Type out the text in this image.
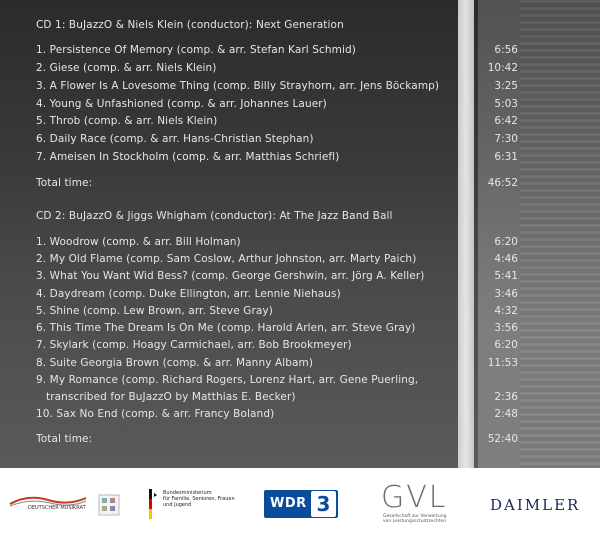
CD 1: BuJazzO & Niels Klein (conductor): Next Generation
1. Persistence Of Memory (comp. & arr. Stefan Karl Schmid)	6:56
2. Giese (comp. & arr. Niels Klein)	10:42
3. A Flower Is A Lovesome Thing (comp. Billy Strayhorn, arr. Jens Böckamp)	3:25
4. Young & Unfashioned (comp. & arr. Johannes Lauer)	5:03
5. Throb (comp. & arr. Niels Klein)	6:42
6. Daily Race (comp. & arr. Hans-Christian Stephan)	7:30
7. Ameisen In Stockholm (comp. & arr. Matthias Schriefl)	6:31
Total time:	46:52
CD 2: BuJazzO & Jiggs Whigham (conductor): At The Jazz Band Ball
1. Woodrow (comp. & arr. Bill Holman)	6:20
2. My Old Flame (comp. Sam Coslow, Arthur Johnston, arr. Marty Paich)	4:46
3. What You Want Wid Bess? (comp. George Gershwin, arr. Jörg A. Keller)	5:41
4. Daydream (comp. Duke Ellington, arr. Lennie Niehaus)	3:46
5. Shine (comp. Lew Brown, arr. Steve Gray)	4:32
6. This Time The Dream Is On Me (comp. Harold Arlen, arr. Steve Gray)	3:56
7. Skylark (comp. Hoagy Carmichael, arr. Bob Brookmeyer)	6:20
8. Suite Georgia Brown (comp. & arr. Manny Albam)	11:53
9. My Romance (comp. Richard Rogers, Lorenz Hart, arr. Gene Puerling,
transcribed for BuJazzO by Matthias E. Becker)	2:36
10. Sax No End (comp. & arr. Francy Boland)	2:48
Total time:	52:40
DEUTSCHER MUSIKRAT
Bundesministerium
für Familie, Senioren, Frauen
und Jugend	WDR 3 GVL
Gesellschaft zur Verwertung
von Leistungsschutzrechten
DAIMLER
